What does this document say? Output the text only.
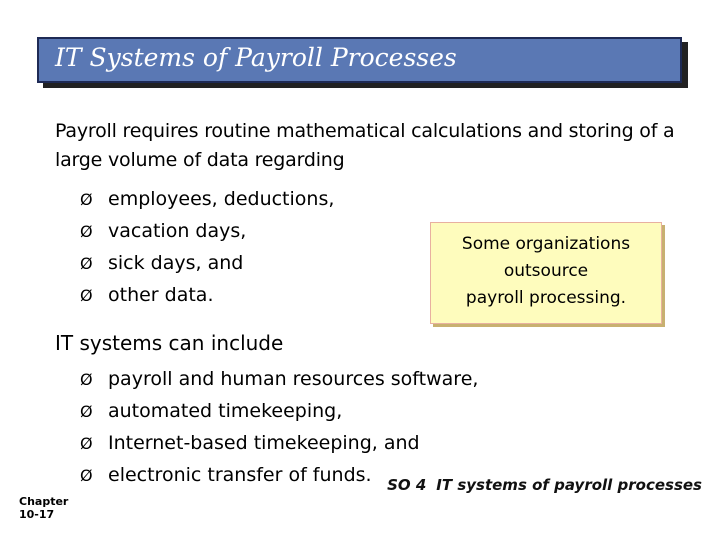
IT Systems of Payroll Processes
Payroll requires routine mathematical calculations and storing of a large volume of data regarding
Ø employees, deductions,
Ø vacation days,
Ø sick days, and
Ø other data.
Some organizations
outsource
payroll processing.
IT systems can include
Ø payroll and human resources software,
Ø automated timekeeping,
Ø Internet-based timekeeping, and
Ø electronic transfer of funds.
Chapter
10-17
SO 4 IT systems of payroll processes
